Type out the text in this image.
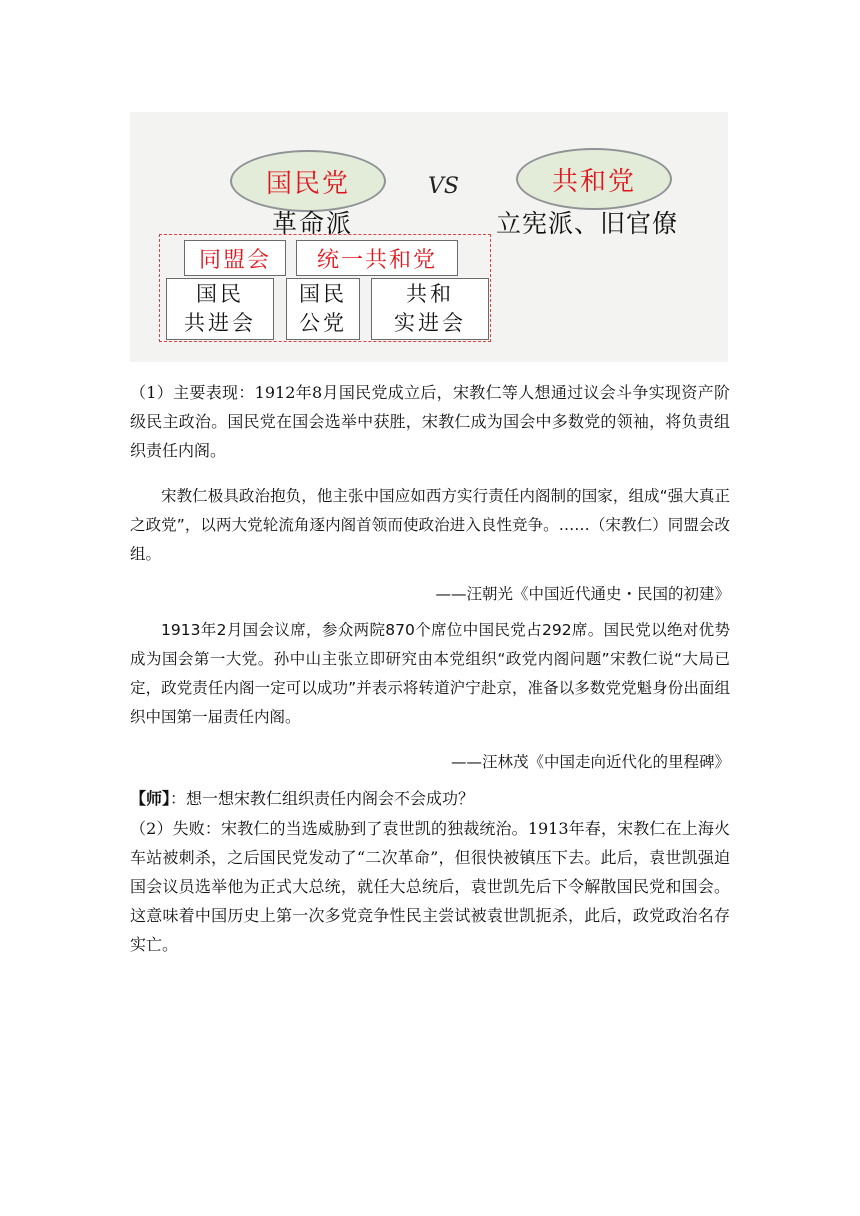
国民党	VS	共和党
革命派	立宪派、旧官僚
同盟会	统一共和党
国民
共进会
国民
公党
共和
实进会

（1）主要表现：1912年8月国民党成立后，宋教仁等人想通过议会斗争实现资产阶级民主政治。国民党在国会选举中获胜，宋教仁成为国会中多数党的领袖，将负责组织责任内阁。

宋教仁极具政治抱负，他主张中国应如西方实行责任内阁制的国家，组成“强大真正之政党”，以两大党轮流角逐内阁首领而使政治进入良性竞争。……（宋教仁）同盟会改组。

——汪朝光《中国近代通史・民国的初建》

1913年2月国会议席，参众两院870个席位中国民党占292席。国民党以绝对优势成为国会第一大党。孙中山主张立即研究由本党组织“政党内阁问题”宋教仁说“大局已定，政党责任内阁一定可以成功”并表示将转道沪宁赴京，准备以多数党党魁身份出面组织中国第一届责任内阁。

——汪林茂《中国走向近代化的里程碑》

【师】：想一想宋教仁组织责任内阁会不会成功？

（2）失败：宋教仁的当选威胁到了袁世凯的独裁统治。1913年春，宋教仁在上海火车站被刺杀，之后国民党发动了“二次革命”，但很快被镇压下去。此后，袁世凯强迫国会议员选举他为正式大总统，就任大总统后，袁世凯先后下令解散国民党和国会。这意味着中国历史上第一次多党竞争性民主尝试被袁世凯扼杀，此后，政党政治名存实亡。
